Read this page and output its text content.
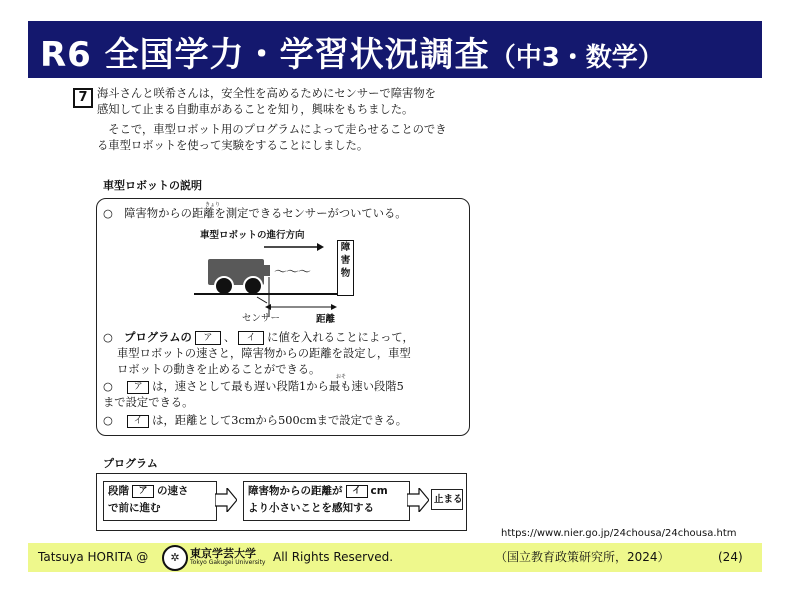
R6 全国学力・学習状況調査（中3・数学）
7 海斗さんと咲希さんは，安全性を高めるためにセンサーで障害物を

感知して止まる自動車があることを知り，興味をもちました。

　そこで，車型ロボット用のプログラムによって走らせることのでき

る車型ロボットを使って実験をすることにしました。

車型ロボットの説明
きょり
○　 障害物からの距離を測定できるセンサーがついている。
車型ロボットの進行方向
〜〜〜
障
害
物
センサー	距離
○　 プログラムの ア 、 イ に値を入れることによって，
車型ロボットの速さと，障害物からの距離を設定し，車型
ロボットの動きを止めることができる。
おそ
○　 ア は，速さとして最も遅い段階1から最も速い段階5
まで設定できる。
○　 イ は，距離として3cmから500cmまで設定できる。
プログラム
段階 ア の速さ
で前に進む
障害物からの距離が イ cm
より小さいことを感知する
止まる
https://www.nier.go.jp/24chousa/24chousa.htm
Tatsuya HORITA @	✲ 東京学芸大学
Tokyo Gakugei University All Rights Reserved.	（国立教育政策研究所，2024）	(24)
